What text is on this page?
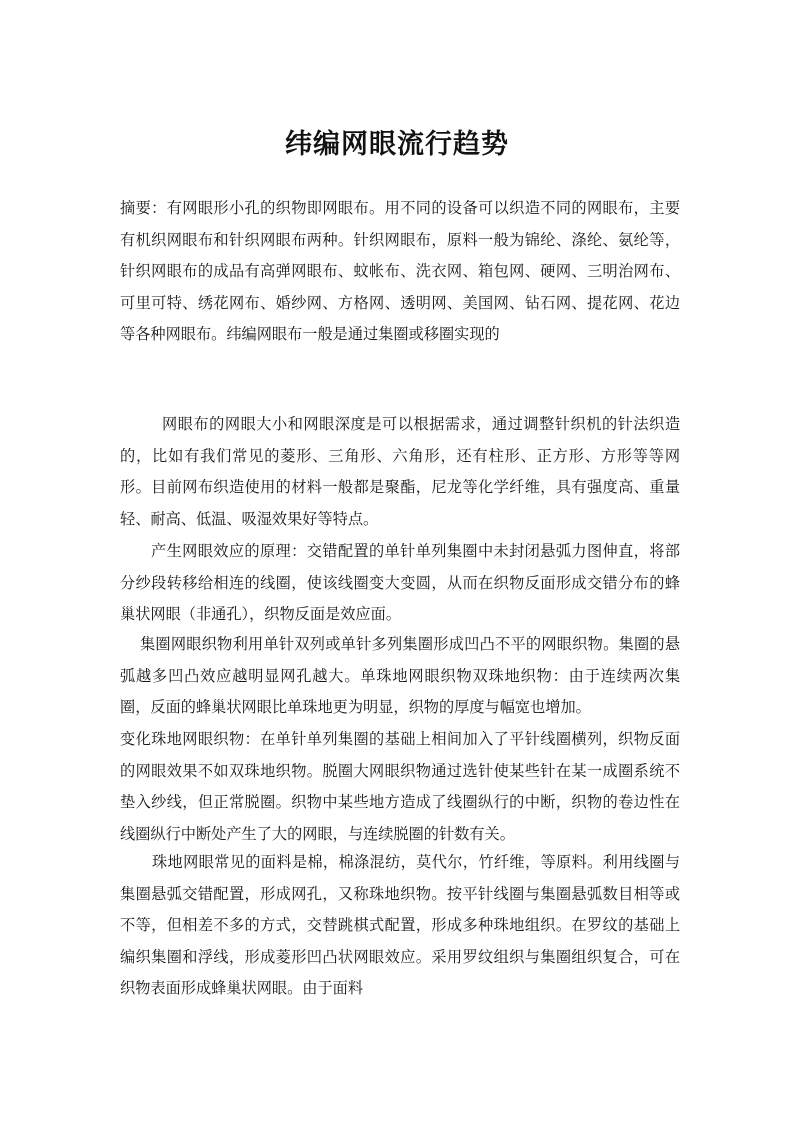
纬编网眼流行趋势
摘要：有网眼形小孔的织物即网眼布。用不同的设备可以织造不同的网眼布，主要有机织网眼布和针织网眼布两种。针织网眼布，原料一般为锦纶、涤纶、氨纶等，针织网眼布的成品有高弹网眼布、蚊帐布、洗衣网、箱包网、硬网、三明治网布、可里可特、绣花网布、婚纱网、方格网、透明网、美国网、钻石网、提花网、花边等各种网眼布。纬编网眼布一般是通过集圈或移圈实现的
网眼布的网眼大小和网眼深度是可以根据需求，通过调整针织机的针法织造的，比如有我们常见的菱形、三角形、六角形，还有柱形、正方形、方形等等网形。目前网布织造使用的材料一般都是聚酯，尼龙等化学纤维，具有强度高、重量轻、耐高、低温、吸湿效果好等特点。
产生网眼效应的原理：交错配置的单针单列集圈中未封闭悬弧力图伸直，将部分纱段转移给相连的线圈，使该线圈变大变圆，从而在织物反面形成交错分布的蜂巢状网眼（非通孔），织物反面是效应面。
集圈网眼织物利用单针双列或单针多列集圈形成凹凸不平的网眼织物。集圈的悬弧越多凹凸效应越明显网孔越大。单珠地网眼织物双珠地织物：由于连续两次集圈，反面的蜂巢状网眼比单珠地更为明显，织物的厚度与幅宽也增加。
变化珠地网眼织物：在单针单列集圈的基础上相间加入了平针线圈横列，织物反面的网眼效果不如双珠地织物。脱圈大网眼织物通过选针使某些针在某一成圈系统不垫入纱线，但正常脱圈。织物中某些地方造成了线圈纵行的中断，织物的卷边性在线圈纵行中断处产生了大的网眼，与连续脱圈的针数有关。
珠地网眼常见的面料是棉，棉涤混纺，莫代尔，竹纤维，等原料。利用线圈与集圈悬弧交错配置，形成网孔，又称珠地织物。按平针线圈与集圈悬弧数目相等或不等，但相差不多的方式，交替跳棋式配置，形成多种珠地组织。在罗纹的基础上编织集圈和浮线，形成菱形凹凸状网眼效应。采用罗纹组织与集圈组织复合，可在织物表面形成蜂巢状网眼。由于面料
